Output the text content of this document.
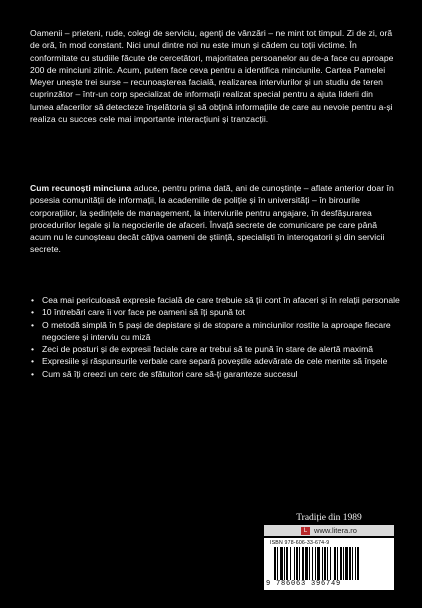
Oamenii – prieteni, rude, colegi de serviciu, agenți de vânzări – ne mint tot timpul. Zi de zi, oră de oră, în mod constant. Nici unul dintre noi nu este imun și cădem cu toții victime. În conformitate cu studiile făcute de cercetători, majoritatea persoanelor au de-a face cu aproape 200 de minciuni zilnic. Acum, putem face ceva pentru a identifica minciunile. Cartea Pamelei Meyer unește trei surse – recunoașterea facială, realizarea interviurilor și un studiu de teren cuprinzător – într-un corp specializat de informații realizat special pentru a ajuta liderii din lumea afacerilor să detecteze înșelătoria și să obțină informațiile de care au nevoie pentru a-și realiza cu succes cele mai importante interacțiuni și tranzacții.

Cum recunoști minciuna aduce, pentru prima dată, ani de cunoștințe – aflate anterior doar în posesia comunității de informații, la academiile de poliție și în universități – în birourile corporațiilor, la ședințele de management, la interviurile pentru angajare, în desfășurarea procedurilor legale și la negocierile de afaceri. Învață secrete de comunicare pe care până acum nu le cunoșteau decât câțiva oameni de știință, specialiști în interogatorii și din servicii secrete.

• Cea mai periculoasă expresie facială de care trebuie să ții cont în afaceri și în relații personale
• 10 întrebări care îi vor face pe oameni să îți spună tot
• O metodă simplă în 5 pași de depistare și de stopare a minciunilor rostite la aproape fiecare negociere și interviu cu miză
• Zeci de posturi și de expresii faciale care ar trebui să te pună în stare de alertă maximă
• Expresiile și răspunsurile verbale care separă poveștile adevărate de cele menite să înșele
• Cum să îți creezi un cerc de sfătuitori care să-ți garanteze succesul
Tradiție din 1989
L www.litera.ro
ISBN 978-606-33-674-9
9 786063 396749
